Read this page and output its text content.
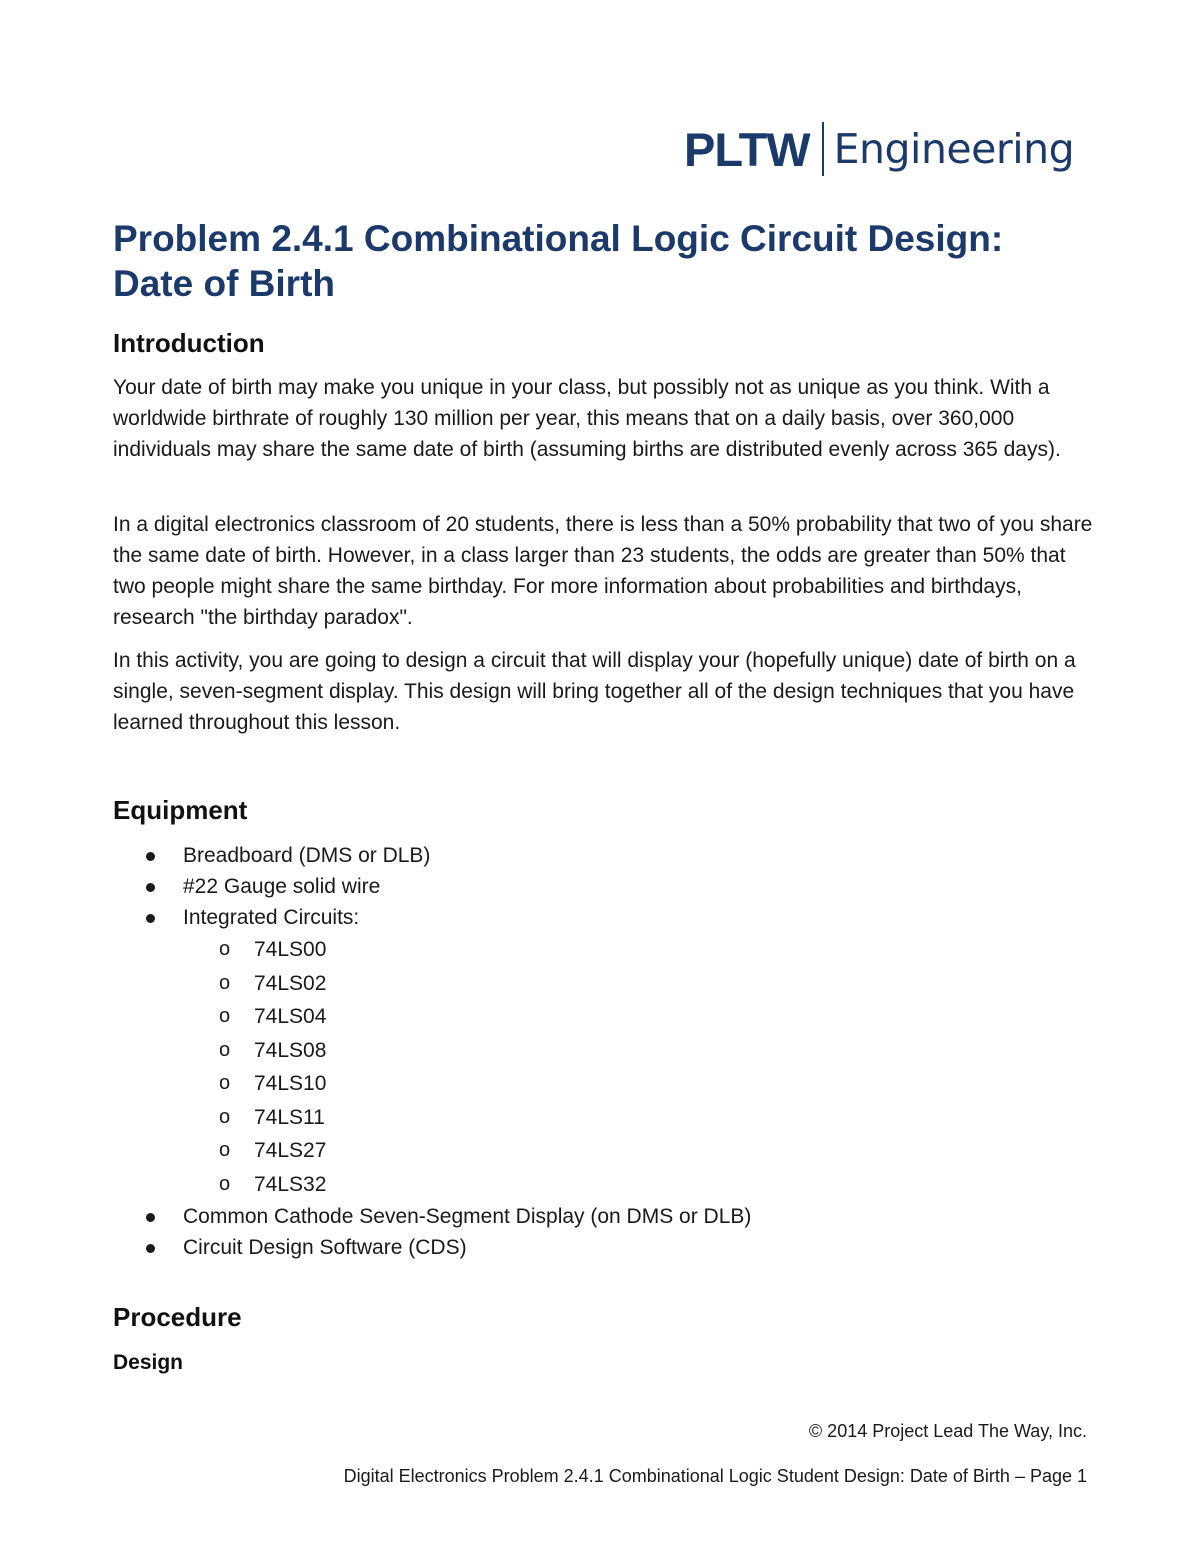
PLTW Engineering
Problem 2.4.1 Combinational Logic Circuit Design: Date of Birth
Introduction

Your date of birth may make you unique in your class, but possibly not as unique as you think. With a worldwide birthrate of roughly 130 million per year, this means that on a daily basis, over 360,000 individuals may share the same date of birth (assuming births are distributed evenly across 365 days).

In a digital electronics classroom of 20 students, there is less than a 50% probability that two of you share the same date of birth. However, in a class larger than 23 students, the odds are greater than 50% that two people might share the same birthday. For more information about probabilities and birthdays, research "the birthday paradox".

In this activity, you are going to design a circuit that will display your (hopefully unique) date of birth on a single, seven-segment display. This design will bring together all of the design techniques that you have learned throughout this lesson.

Equipment
Breadboard (DMS or DLB)
#22 Gauge solid wire
Integrated Circuits:
o 74LS00
o 74LS02
o 74LS04
o 74LS08
o 74LS10
o 74LS11
o 74LS27
o 74LS32
Common Cathode Seven-Segment Display (on DMS or DLB)
Circuit Design Software (CDS)
Procedure
Design
© 2014 Project Lead The Way, Inc.
Digital Electronics Problem 2.4.1 Combinational Logic Student Design: Date of Birth – Page 1
